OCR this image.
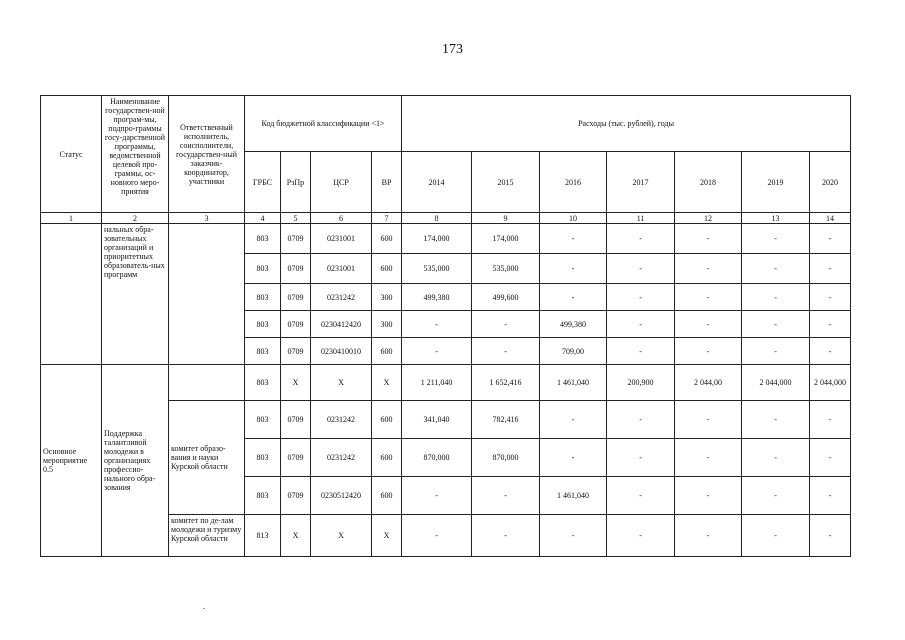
173
Статус	Наименование государствен-ной програм-мы, подпро-граммы госу-дарственной программы, ведомственной целевой про-граммы, ос-новного меро-приятия	Ответственный исполнитель, соисполнители, государствен-ный заказчик-координатор, участники	Код бюджетной классификации <1>				Расходы (тыс. рублей), годы						
			ГРБС	РзПр	ЦСР	ВР	2014	2015	2016	2017	2018	2019	2020
1	2	3	4	5	6	7	8	9	10	11	12	13	14
	нальных обра-зовательных организаций и приоритетных образователь-ных программ		803	0709	0231001	600	174,000	174,000	-	-	-	-	-
			803	0709	0231001	600	535,000	535,000	-	-	-	-	-
			803	0709	0231242	300	499,380	499,600	-	-	-	-	-
			803	0709	0230412420	300	-	-	499,380	-	-	-	-
			803	0709	0230410010	600	-	-	709,00	-	-	-	-
Основное мероприятие 0.5	Поддержка талантливой молодежи в организациях профессио-нального обра-зования		803	X	X	X	1 211,040	1 652,416	1 461,040	200,900	2 044,00	2 044,000	2 044,000
		комитет образо-вания и науки Курской области	803	0709	0231242	600	341,040	782,416	-	-	-	-	-
			803	0709	0231242	600	870,000	870,000	-	-	-	-	-
			803	0709	0230512420	600	-	-	1 461,040	-	-	-	-
		комитет по де-лам молодежи и туризму Курской области	813	X	X	X	-	-	-	-	-	-	-
